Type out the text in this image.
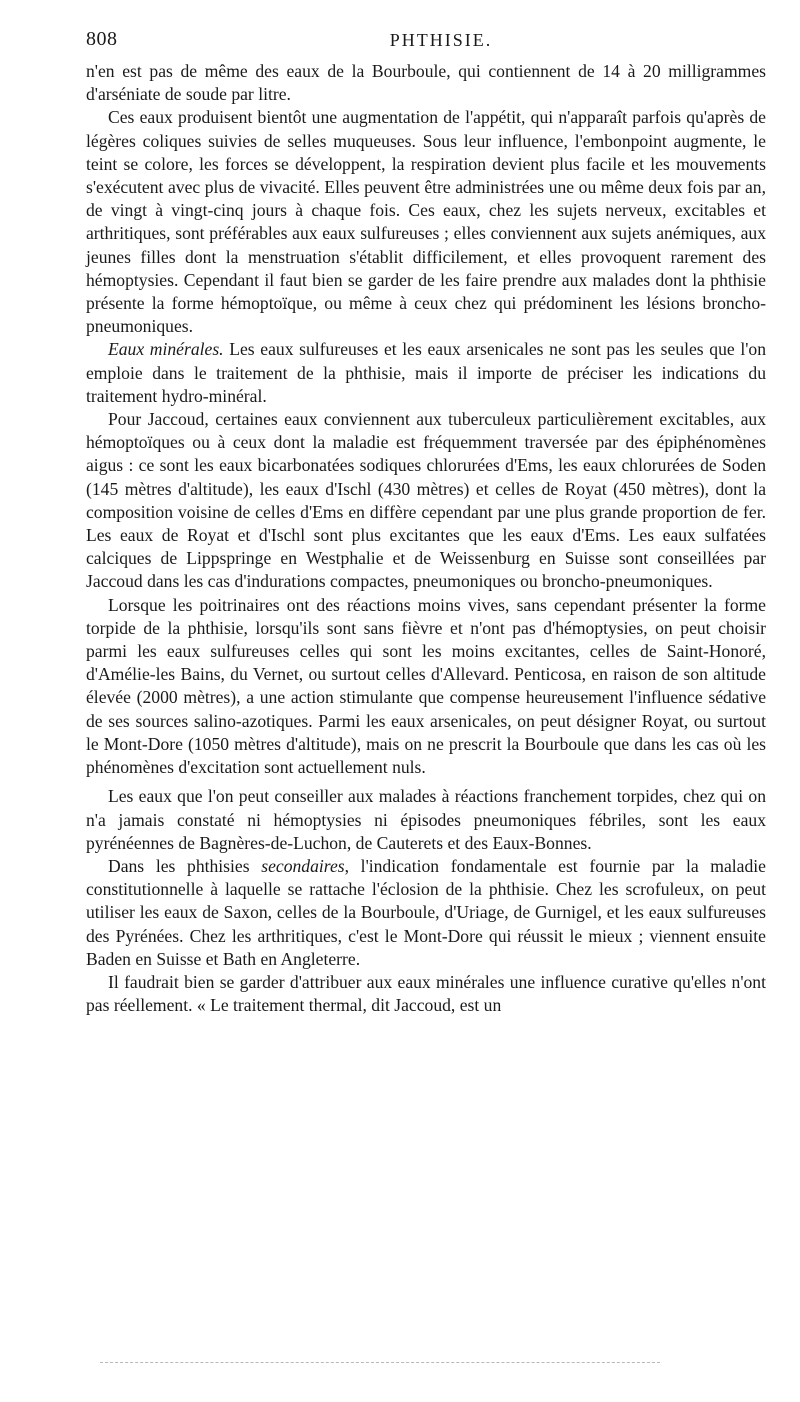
808	PHTHISIE.

n'en est pas de même des eaux de la Bourboule, qui contiennent de 14 à 20 milligrammes d'arséniate de soude par litre.

Ces eaux produisent bientôt une augmentation de l'appétit, qui n'apparaît parfois qu'après de légères coliques suivies de selles muqueuses. Sous leur influence, l'embonpoint augmente, le teint se colore, les forces se développent, la respiration devient plus facile et les mouvements s'exécutent avec plus de vivacité. Elles peuvent être administrées une ou même deux fois par an, de vingt à vingt-cinq jours à chaque fois. Ces eaux, chez les sujets nerveux, excitables et arthritiques, sont préférables aux eaux sulfureuses ; elles conviennent aux sujets anémiques, aux jeunes filles dont la menstruation s'établit difficilement, et elles provoquent rarement des hémoptysies. Cependant il faut bien se garder de les faire prendre aux malades dont la phthisie présente la forme hémoptoïque, ou même à ceux chez qui prédominent les lésions broncho-pneumoniques.

Eaux minérales. Les eaux sulfureuses et les eaux arsenicales ne sont pas les seules que l'on emploie dans le traitement de la phthisie, mais il importe de préciser les indications du traitement hydro-minéral.

Pour Jaccoud, certaines eaux conviennent aux tuberculeux particulièrement excitables, aux hémoptoïques ou à ceux dont la maladie est fréquemment traversée par des épiphénomènes aigus : ce sont les eaux bicarbonatées sodiques chlorurées d'Ems, les eaux chlorurées de Soden (145 mètres d'altitude), les eaux d'Ischl (430 mètres) et celles de Royat (450 mètres), dont la composition voisine de celles d'Ems en diffère cependant par une plus grande proportion de fer. Les eaux de Royat et d'Ischl sont plus excitantes que les eaux d'Ems. Les eaux sulfatées calciques de Lippspringe en Westphalie et de Weissenburg en Suisse sont conseillées par Jaccoud dans les cas d'indurations compactes, pneumoniques ou broncho-pneumoniques.

Lorsque les poitrinaires ont des réactions moins vives, sans cependant présenter la forme torpide de la phthisie, lorsqu'ils sont sans fièvre et n'ont pas d'hémoptysies, on peut choisir parmi les eaux sulfureuses celles qui sont les moins excitantes, celles de Saint-Honoré, d'Amélie-les Bains, du Vernet, ou surtout celles d'Allevard. Penticosa, en raison de son altitude élevée (2000 mètres), a une action stimulante que compense heureusement l'influence sédative de ses sources salino-azotiques. Parmi les eaux arsenicales, on peut désigner Royat, ou surtout le Mont-Dore (1050 mètres d'altitude), mais on ne prescrit la Bourboule que dans les cas où les phénomènes d'excitation sont actuellement nuls.

Les eaux que l'on peut conseiller aux malades à réactions franchement torpides, chez qui on n'a jamais constaté ni hémoptysies ni épisodes pneumoniques fébriles, sont les eaux pyrénéennes de Bagnères-de-Luchon, de Cauterets et des Eaux-Bonnes.

Dans les phthisies secondaires, l'indication fondamentale est fournie par la maladie constitutionnelle à laquelle se rattache l'éclosion de la phthisie. Chez les scrofuleux, on peut utiliser les eaux de Saxon, celles de la Bourboule, d'Uriage, de Gurnigel, et les eaux sulfureuses des Pyrénées. Chez les arthritiques, c'est le Mont-Dore qui réussit le mieux ; viennent ensuite Baden en Suisse et Bath en Angleterre.

Il faudrait bien se garder d'attribuer aux eaux minérales une influence curative qu'elles n'ont pas réellement. « Le traitement thermal, dit Jaccoud, est un
